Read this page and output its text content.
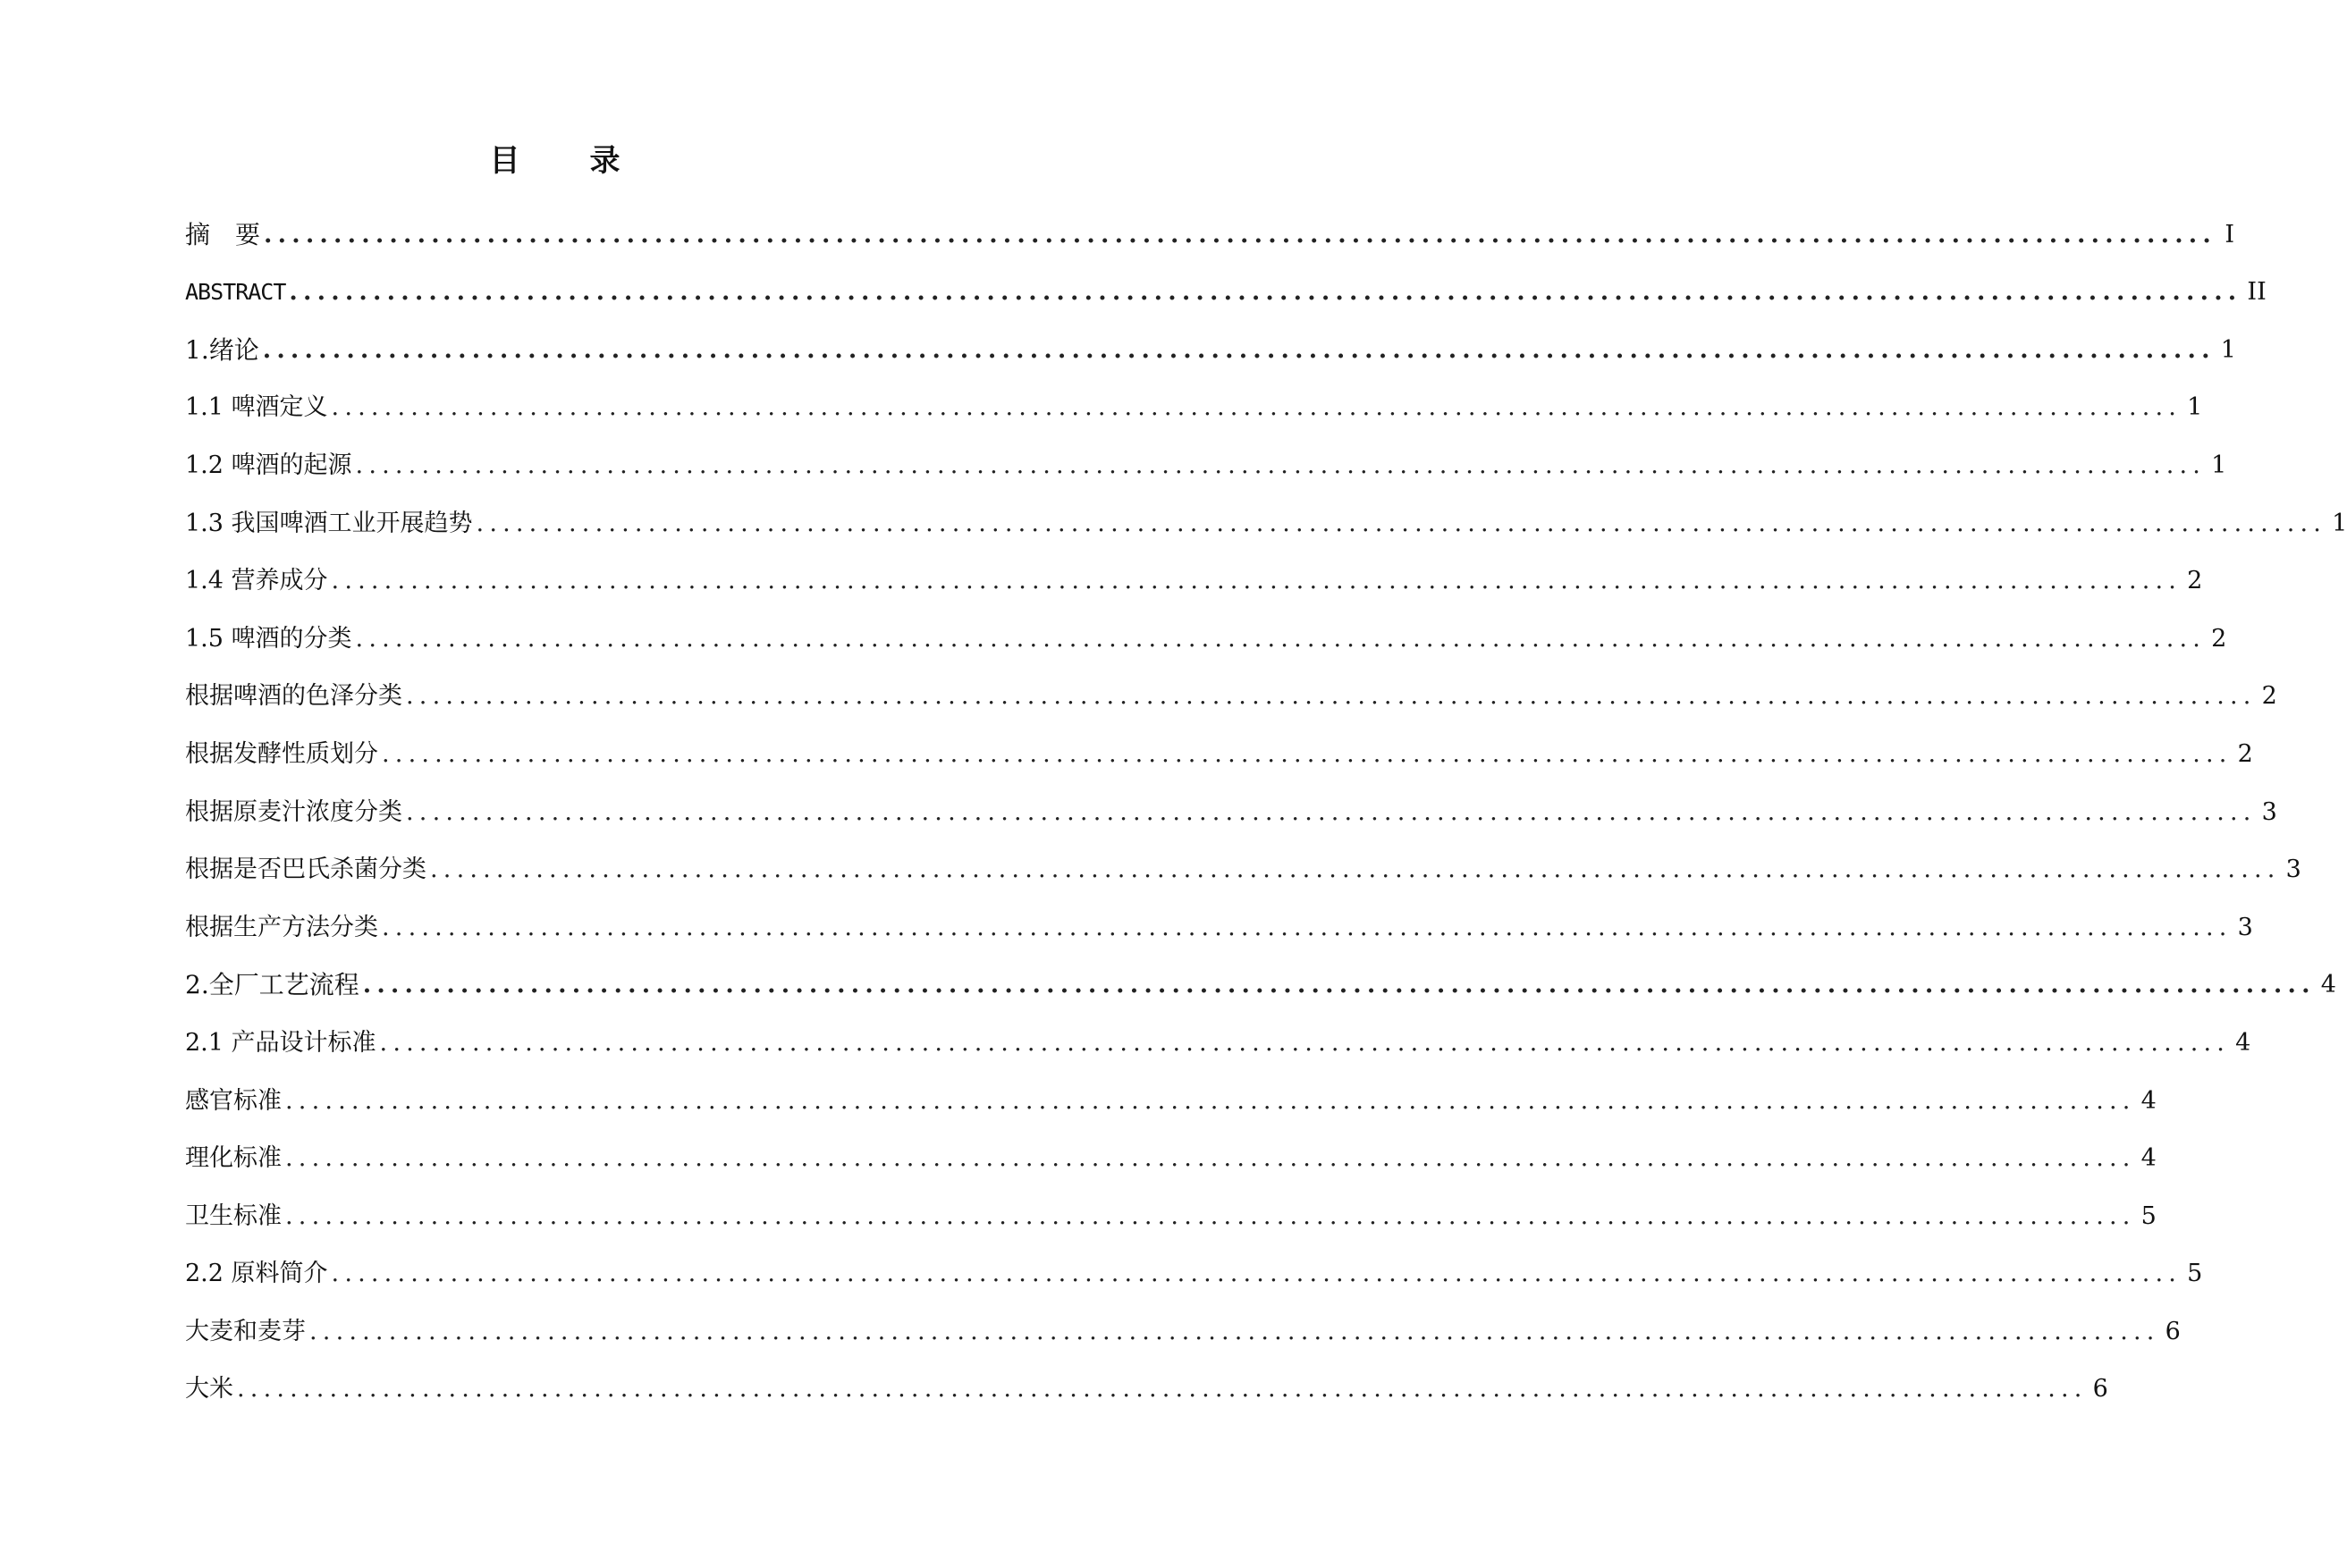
目　录
摘　要 ............................................................................................................................................ I
ABSTRACT ............................................................................................................................................ II
1.绪论 ............................................................................................................................................ 1
1.1 啤酒定义 ............................................................................................................................................ 1
1.2 啤酒的起源 ............................................................................................................................................ 1
1.3 我国啤酒工业开展趋势 ............................................................................................................................................ 1
1.4 营养成分 ............................................................................................................................................ 2
1.5 啤酒的分类 ............................................................................................................................................ 2
根据啤酒的色泽分类 ............................................................................................................................................ 2
根据发酵性质划分 ............................................................................................................................................ 2
根据原麦汁浓度分类 ............................................................................................................................................ 3
根据是否巴氏杀菌分类 ............................................................................................................................................ 3
根据生产方法分类 ............................................................................................................................................ 3
2.全厂工艺流程 ............................................................................................................................................ 4
2.1 产品设计标准 ............................................................................................................................................ 4
感官标准 ............................................................................................................................................ 4
理化标准 ............................................................................................................................................ 4
卫生标准 ............................................................................................................................................ 5
2.2 原料简介 ............................................................................................................................................ 5
大麦和麦芽 ............................................................................................................................................ 6
大米 ............................................................................................................................................ 6
